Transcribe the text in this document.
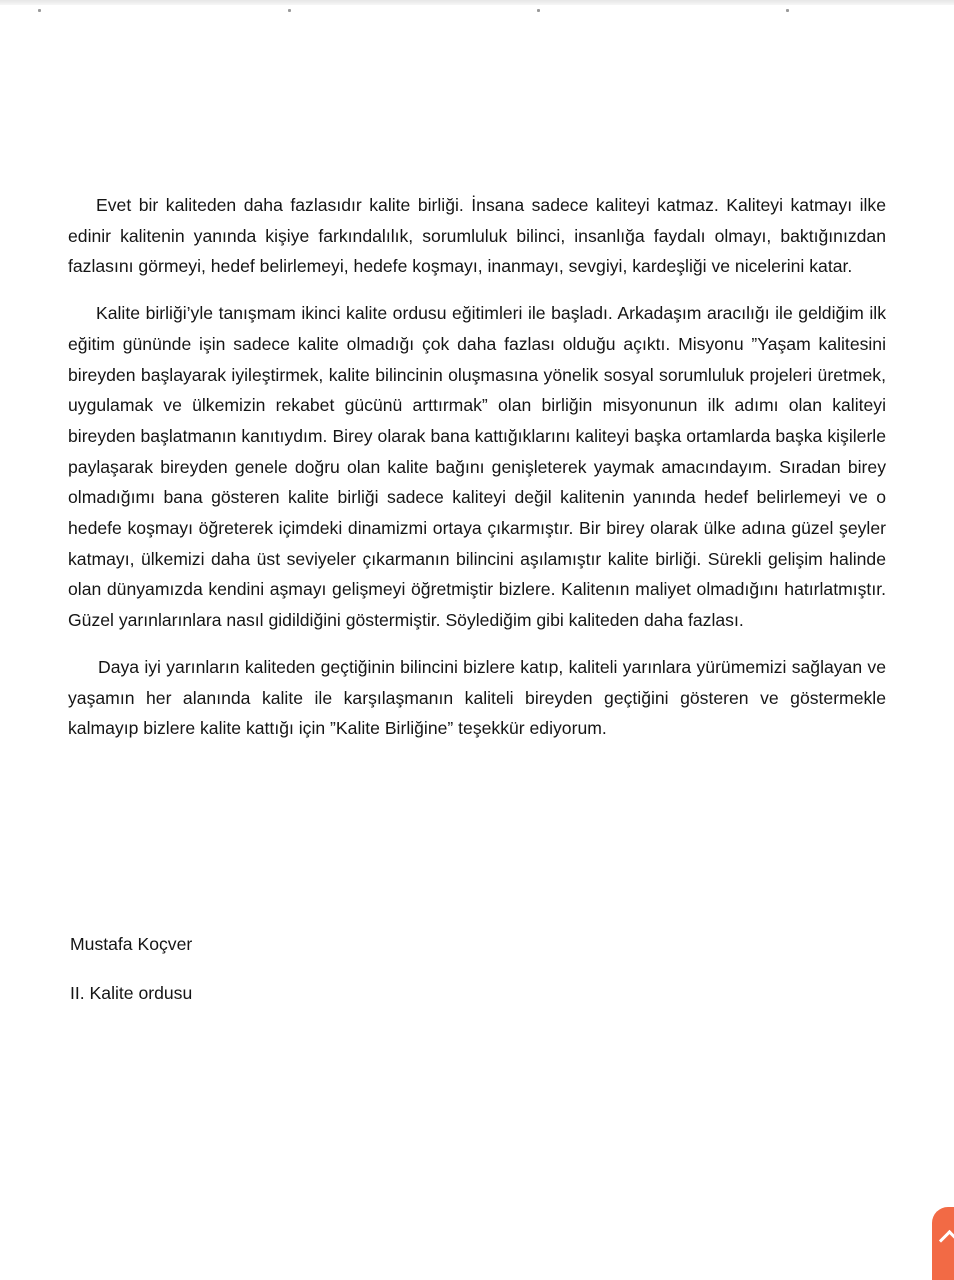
Evet bir kaliteden daha fazlasıdır kalite birliği. İnsana sadece kaliteyi katmaz. Kaliteyi katmayı ilke edinir kalitenin yanında kişiye farkındalılık, sorumluluk bilinci, insanlığa faydalı olmayı, baktığınızdan fazlasını görmeyi, hedef belirlemeyi, hedefe koşmayı, inanmayı, sevgiyi, kardeşliği ve nicelerini katar.

Kalite birliği’yle tanışmam ikinci kalite ordusu eğitimleri ile başladı. Arkadaşım aracılığı ile geldiğim ilk eğitim gününde işin sadece kalite olmadığı çok daha fazlası olduğu açıktı. Misyonu ”Yaşam kalitesini bireyden başlayarak iyileştirmek, kalite bilincinin oluşmasına yönelik sosyal sorumluluk projeleri üretmek, uygulamak ve ülkemizin rekabet gücünü arttırmak” olan birliğin misyonunun ilk adımı olan kaliteyi bireyden başlatmanın kanıtıydım. Birey olarak bana kattığıklarını kaliteyi başka ortamlarda başka kişilerle paylaşarak bireyden genele doğru olan kalite bağını genişleterek yaymak amacındayım. Sıradan birey olmadığımı bana gösteren kalite birliği sadece kaliteyi değil kalitenin yanında hedef belirlemeyi ve o hedefe koşmayı öğreterek içimdeki dinamizmi ortaya çıkarmıştır. Bir birey olarak ülke adına güzel şeyler katmayı, ülkemizi daha üst seviyeler çıkarmanın bilincini aşılamıştır kalite birliği. Sürekli gelişim halinde olan dünyamızda kendini aşmayı gelişmeyi öğretmiştir bizlere. Kalitenın maliyet olmadığını hatırlatmıştır. Güzel yarınlarınlara nasıl gidildiğini göstermiştir. Söylediğim gibi kaliteden daha fazlası.

Daya iyi yarınların kaliteden geçtiğinin bilincini bizlere katıp, kaliteli yarınlara yürümemizi sağlayan ve yaşamın her alanında kalite ile karşılaşmanın kaliteli bireyden geçtiğini gösteren ve göstermekle kalmayıp bizlere kalite kattığı için ”Kalite Birliğine” teşekkür ediyorum.

Mustafa Koçver
II. Kalite ordusu
